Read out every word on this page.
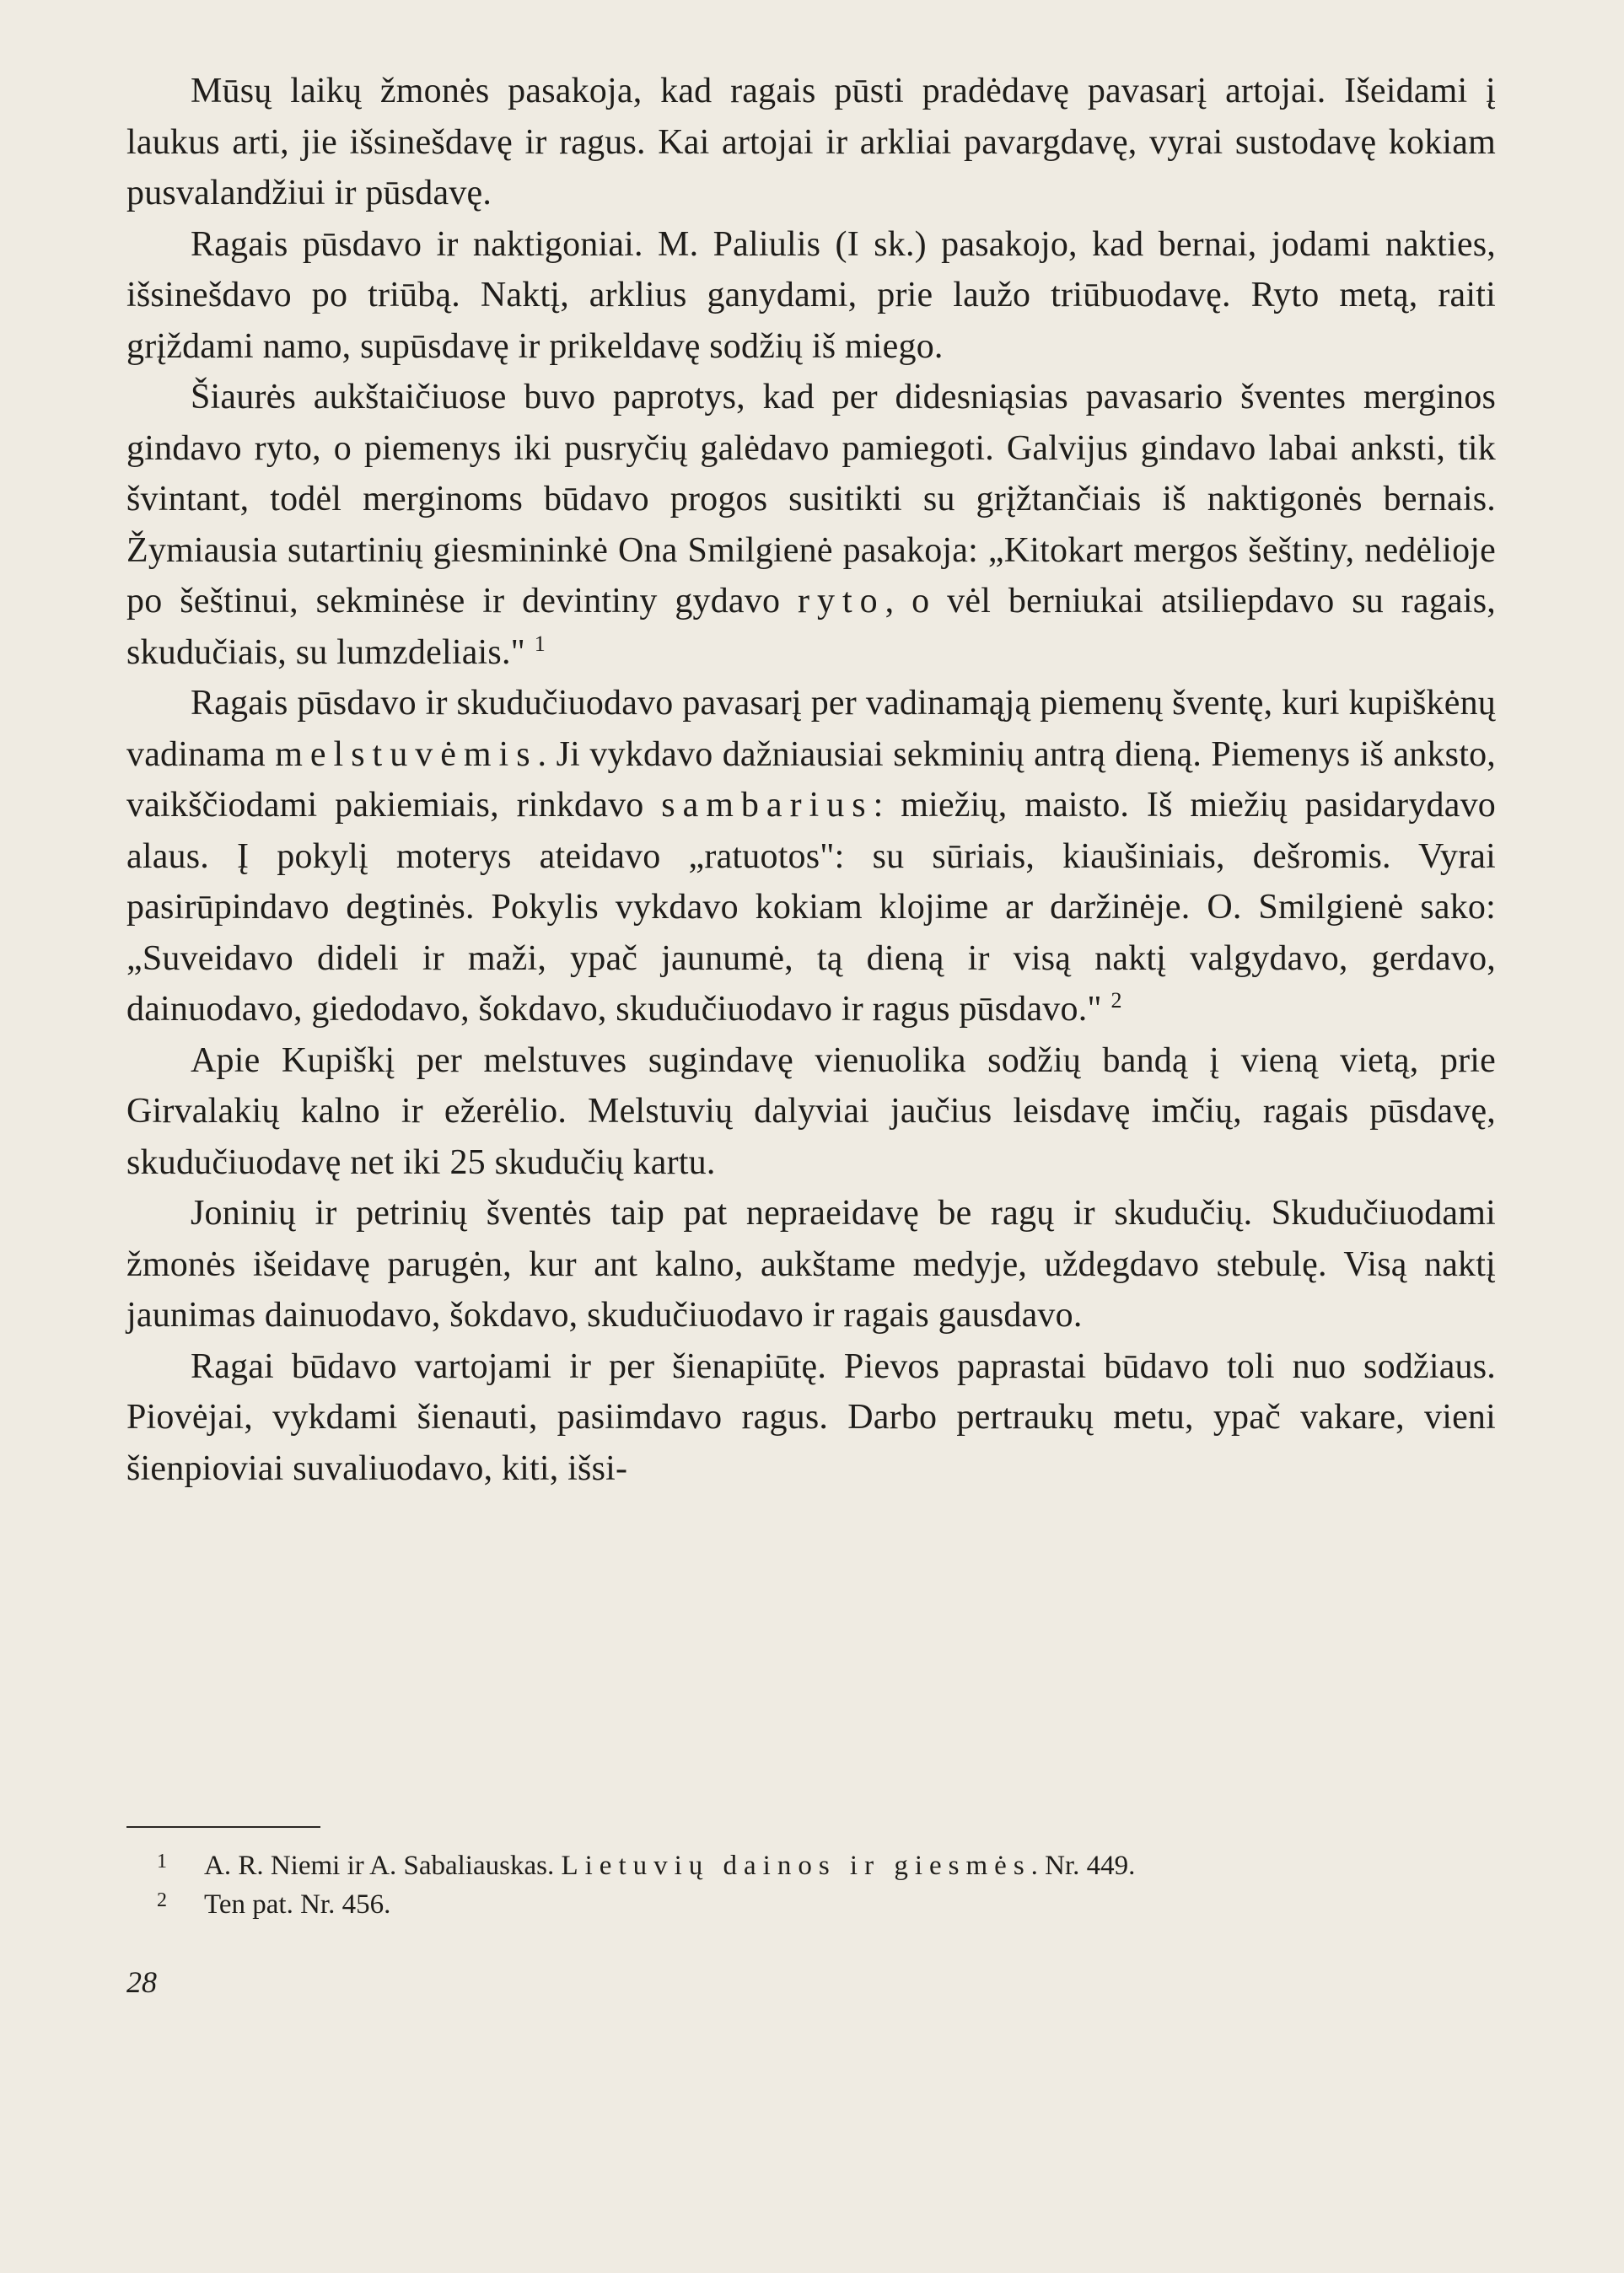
Mūsų laikų žmonės pasakoja, kad ragais pūsti pradėdavę pavasarį artojai. Išeidami į laukus arti, jie išsinešdavę ir ragus. Kai artojai ir arkliai pavargdavę, vyrai sustodavę kokiam pusvalandžiui ir pūsdavę.

Ragais pūsdavo ir naktigoniai. M. Paliulis (I sk.) pasakojo, kad bernai, jodami nakties, išsinešdavo po triūbą. Naktį, arklius ganydami, prie laužo triūbuodavę. Ryto metą, raiti grįždami namo, supūsdavę ir prikeldavę sodžių iš miego.

Šiaurės aukštaičiuose buvo paprotys, kad per didesniąsias pavasario šventes merginos gindavo ryto, o piemenys iki pusryčių galėdavo pamiegoti. Galvijus gindavo labai anksti, tik švintant, todėl merginoms būdavo progos susitikti su grįžtančiais iš naktigonės bernais. Žymiausia sutartinių giesmininkė Ona Smilgienė pasakoja: „Kitokart mergos šeštiny, nedėlioje po šeštinui, sekminėse ir devintiny gydavo ryto, o vėl berniukai atsiliepdavo su ragais, skudučiais, su lumzdeliais." $^1$

Ragais pūsdavo ir skudučiuodavo pavasarį per vadinamąją piemenų šventę, kuri kupiškėnų vadinama melstuvėmis. Ji vykdavo dažniausiai sekminių antrą dieną. Piemenys iš anksto, vaikščiodami pakiemiais, rinkdavo sambarius: miežių, maisto. Iš miežių pasidarydavo alaus. Į pokylį moterys ateidavo „ratuotos": su sūriais, kiaušiniais, dešromis. Vyrai pasirūpindavo degtinės. Pokylis vykdavo kokiam klojime ar daržinėje. O. Smilgienė sako: „Suveidavo dideli ir maži, ypač jaunumė, tą dieną ir visą naktį valgydavo, gerdavo, dainuodavo, giedodavo, šokdavo, skudučiuodavo ir ragus pūsdavo." $^2$

Apie Kupiškį per melstuves sugindavę vienuolika sodžių bandą į vieną vietą, prie Girvalakių kalno ir ežerėlio. Melstuvių dalyviai jaučius leisdavę imčių, ragais pūsdavę, skudučiuodavę net iki 25 skudučių kartu.

Joninių ir petrinių šventės taip pat nepraeidavę be ragų ir skudučių. Skudučiuodami žmonės išeidavę parugėn, kur ant kalno, aukštame medyje, uždegdavo stebulę. Visą naktį jaunimas dainuodavo, šokdavo, skudučiuodavo ir ragais gausdavo.

Ragai būdavo vartojami ir per šienapiūtę. Pievos paprastai būdavo toli nuo sodžiaus. Piovėjai, vykdami šienauti, pasiimdavo ragus. Darbo pertraukų metu, ypač vakare, vieni šienpioviai suvaliuodavo, kiti, išsi-

1 A. R. Niemi ir A. Sabaliauskas. Lietuvių dainos ir giesmės. Nr. 449.

2 Ten pat. Nr. 456.

28
